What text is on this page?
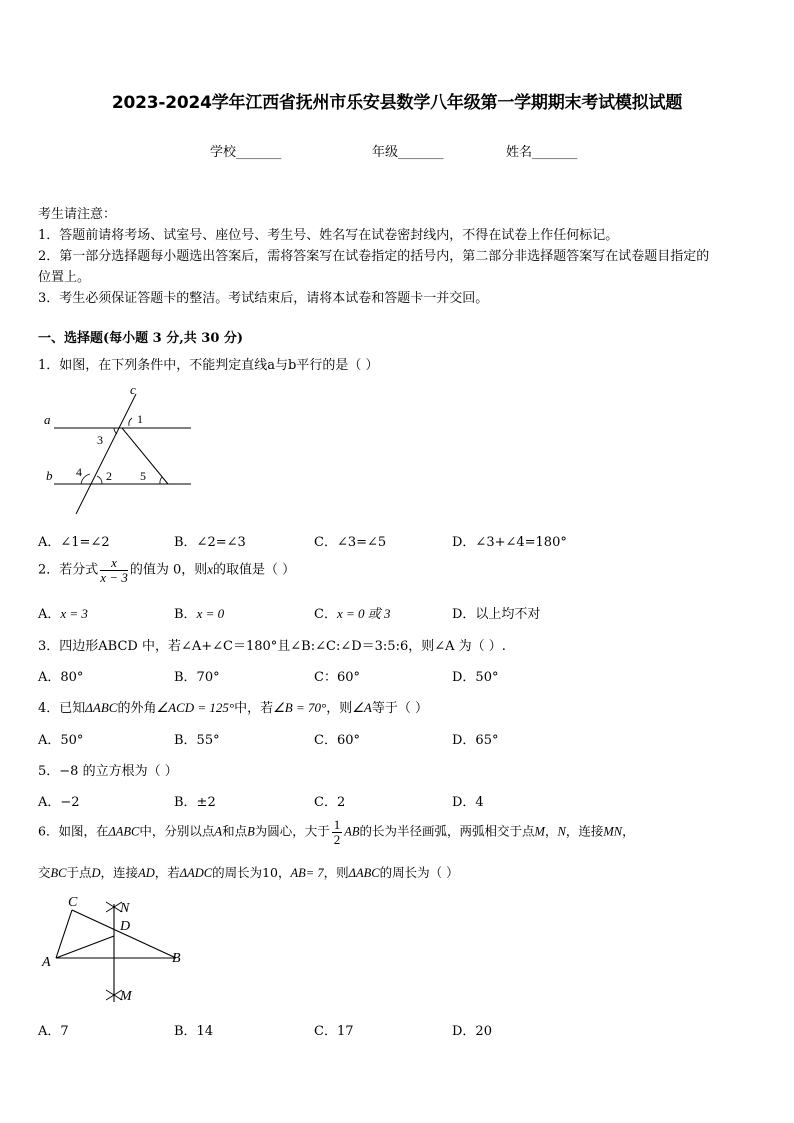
2023-2024学年江西省抚州市乐安县数学八年级第一学期期末考试模拟试题
学校_______	年级_______	姓名_______
考生请注意：
1．答题前请将考场、试室号、座位号、考生号、姓名写在试卷密封线内，不得在试卷上作任何标记。
2．第一部分选择题每小题选出答案后，需将答案写在试卷指定的括号内，第二部分非选择题答案写在试卷题目指定的
位置上。
3．考生必须保证答题卡的整洁。考试结束后，请将本试卷和答题卡一并交回。
一、选择题(每小题 3 分,共 30 分)
1．如图，在下列条件中，不能判定直线a与b平行的是（ ）
a
b
c
1
3
4 2 5
A．∠1=∠2	B．∠2=∠3	C．∠3=∠5	D．∠3+∠4=180°
2．若分式 $\frac{x}{x - 3}$ 的值为 0，则x的取值是（ ）
A．x = 3	B．x = 0	C．x = 0 或 3	D．以上均不对
3．四边形ABCD 中，若∠A+∠C＝180°且∠B:∠C:∠D＝3:5:6，则∠A 为（ ）.
A．80°	B．70°	C：60°	D．50°
4．已知ΔABC的外角∠ACD = 125°中，若∠B = 70°，则∠A等于（ ）
A．50°	B．55°	C．60°	D．65°
5．−8 的立方根为（ ）
A．−2	B．±2	C．2	D．4
6．如图，在ΔABC中，分别以点A和点B为圆心，大于 $\frac{1}{2}$ AB的长为半径画弧，两弧相交于点M，N，连接MN，
交BC于点D，连接AD，若ΔADC的周长为10，AB= 7，则ΔABC的周长为（ ）
C	N
D
A	B
M
A．7	B．14	C．17	D．20
